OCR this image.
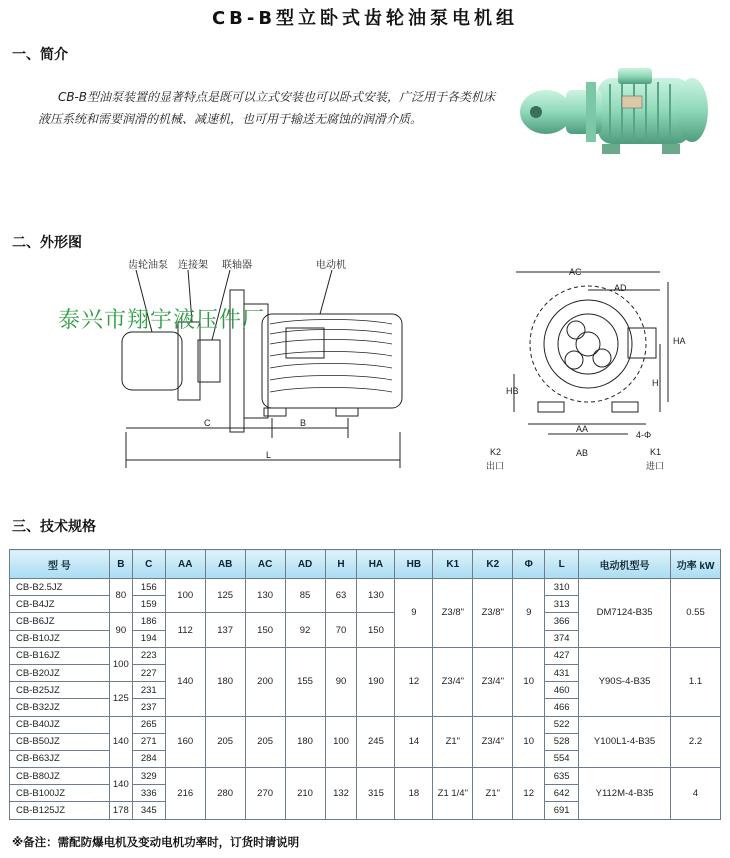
CB-B型立卧式齿轮油泵电机组
一、简介
CB-B型油泵装置的显著特点是既可以立式安装也可以卧式安装，广泛用于各类机床液压系统和需要润滑的机械、减速机，也可用于输送无腐蚀的润滑介质。
二、外形图
齿轮油泵 连接架 联轴器	电动机
C	B
L
AC
AD
HA
H
HB
AA
AB
4-Φ
K1
进口
K2
出口
泰兴市翔宇液压件厂
三、技术规格
型 号	B	C	AA	AB	AC	AD	H	HA	HB	K1	K2	Φ	L	电动机型号	功率 kW
CB-B2.5JZ	80	156	100	125	130	85	63	130	9	Z3/8"	Z3/8"	9	310	DM7124-B35	0.55
CB-B4JZ		159											313		
CB-B6JZ	90	186	112	137	150	92	70	150					366		
CB-B10JZ		194											374		
CB-B16JZ	100	223	140	180	200	155	90	190	12	Z3/4"	Z3/4"	10	427	Y90S-4-B35	1.1
CB-B20JZ		227											431		
CB-B25JZ	125	231											460		
CB-B32JZ		237											466		
CB-B40JZ	140	265	160	205	205	180	100	245	14	Z1"	Z3/4"	10	522	Y100L1-4-B35	2.2
CB-B50JZ		271											528		
CB-B63JZ		284											554		
CB-B80JZ	140	329	216	280	270	210	132	315	18	Z1 1/4"	Z1"	12	635	Y112M-4-B35	4
CB-B100JZ		336											642		
CB-B125JZ	178	345											691		
※备注：需配防爆电机及变动电机功率时，订货时请说明
